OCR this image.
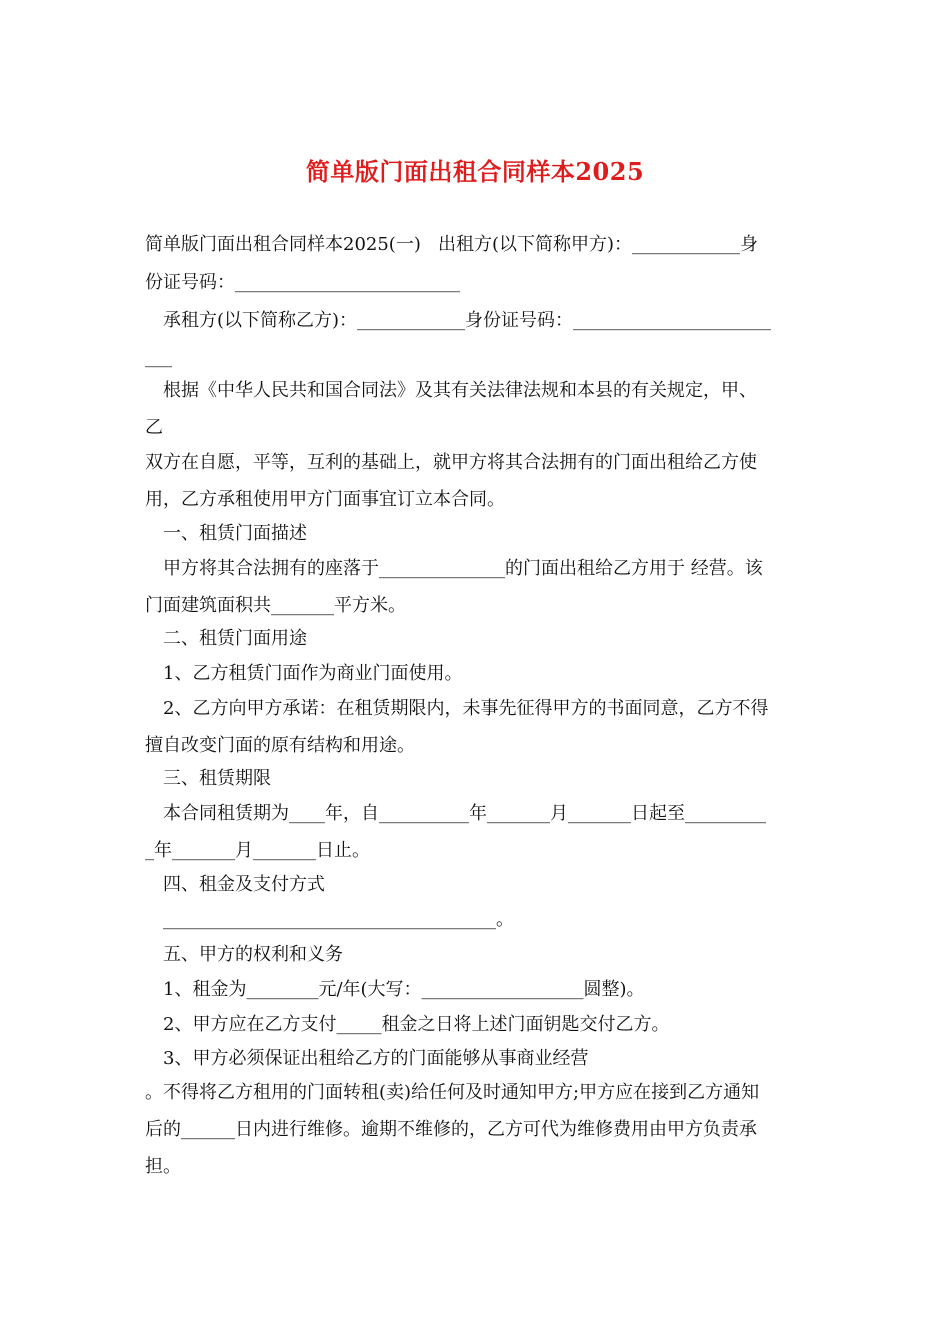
简单版门面出租合同样本2025
简单版门面出租合同样本2025(一)   出租方(以下简称甲方)：____________身
份证号码：_________________________
承租方(以下简称乙方)：____________身份证号码：______________________
___
根据《中华人民共和国合同法》及其有关法律法规和本县的有关规定，甲、
乙
双方在自愿，平等，互利的基础上，就甲方将其合法拥有的门面出租给乙方使
用，乙方承租使用甲方门面事宜订立本合同。
一、租赁门面描述
甲方将其合法拥有的座落于______________的门面出租给乙方用于 经营。该
门面建筑面积共_______平方米。
二、租赁门面用途
1、乙方租赁门面作为商业门面使用。
2、乙方向甲方承诺：在租赁期限内，未事先征得甲方的书面同意，乙方不得
擅自改变门面的原有结构和用途。
三、租赁期限
本合同租赁期为____年，自__________年_______月_______日起至_________
_年_______月_______日止。
四、租金及支付方式
_____________________________________。
五、甲方的权利和义务
1、租金为________元/年(大写：__________________圆整)。
2、甲方应在乙方支付_____租金之日将上述门面钥匙交付乙方。
3、甲方必须保证出租给乙方的门面能够从事商业经营
。不得将乙方租用的门面转租(卖)给任何及时通知甲方;甲方应在接到乙方通知
后的______日内进行维修。逾期不维修的，乙方可代为维修费用由甲方负责承
担。
